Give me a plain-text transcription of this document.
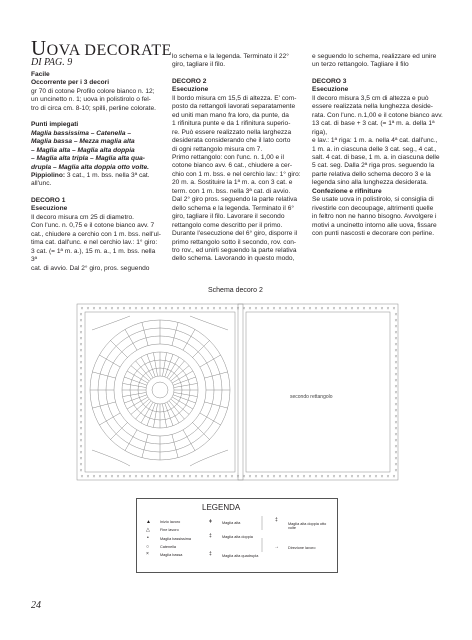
UOVA DECORATE
DI PAG. 9

Facile

Occorrente per i 3 decori

gr 70 di cotone Profilo colore bianco n. 12;

un uncinetto n. 1; uova in polistirolo o fel-

tro di circa cm. 8-10; spilli, perline colorate.

Punti impiegati

Maglia bassissima – Catenella –

Maglia bassa – Mezza maglia alta

– Maglia alta – Maglia alta doppia

– Maglia alta tripla – Maglia alta qua-

drupla – Maglia alta doppia otto volte.

Pippiolino: 3 cat., 1 m. bss. nella 3ª cat.

all'unc.

DECORO 1

Esecuzione

Il decoro misura cm 25 di diametro.

Con l'unc. n. 0,75 e il cotone bianco avv. 7

cat., chiudere a cerchio con 1 m. bss. nell'ul-

tima cat. dall'unc. e nel cerchio lav.: 1° giro:

3 cat. (= 1ª m. a.), 15 m. a., 1 m. bss. nella 3ª

cat. di avvio. Dal 2° giro, pros. seguendo

lo schema e la legenda. Terminato il 22°

giro, tagliare il filo.

DECORO 2

Esecuzione

Il bordo misura cm 15,5 di altezza. E' com-

posto da rettangoli lavorati separatamente

ed uniti man mano fra loro, da punte, da

1 rifinitura punte e da 1 rifinitura superio-

re. Può essere realizzato nella larghezza

desiderata considerando che il lato corto

di ogni rettangolo misura cm 7.

Primo rettangolo: con l'unc. n. 1,00 e il

cotone bianco avv. 6 cat., chiudere a cer-

chio con 1 m. bss. e nel cerchio lav.: 1° giro:

20 m. a. Sostituire la 1ª m. a. con 3 cat. e

term. con 1 m. bss. nella 3ª cat. di avvio.

Dal 2° giro pros. seguendo la parte relativa

dello schema e la legenda. Terminato il 6°

giro, tagliare il filo. Lavorare il secondo

rettangolo come descritto per il primo.

Durante l'esecuzione del 6° giro, disporre il

primo rettangolo sotto il secondo, rov. con-

tro rov., ed unirli seguendo la parte relativa

dello schema. Lavorando in questo modo,

e seguendo lo schema, realizzare ed unire

un terzo rettangolo. Tagliare il filo

DECORO 3

Esecuzione

Il decoro misura 3,5 cm di altezza e può

essere realizzata nella lunghezza deside-

rata. Con l'unc. n.1,00 e il cotone bianco avv.

13 cat. di base + 3 cat. (= 1ª m. a. della 1ª riga),

e lav.: 1ª riga: 1 m. a. nella 4ª cat. dall'unc.,

1 m. a. in ciascuna delle 3 cat. seg., 4 cat.,

salt. 4 cat. di base, 1 m. a. in ciascuna delle

5 cat. seg. Dalla 2ª riga pros. seguendo la

parte relativa dello schema decoro 3 e la

legenda sino alla lunghezza desiderata.

Confezione e rifiniture

Se usate uova in polistirolo, si consiglia di

rivestirle con decoupage, altrimenti quelle

in feltro non ne hanno bisogno. Avvolgere i

motivi a uncinetto intorno alle uova, fissare

con punti nascosti e decorare con perline.

Schema decoro 2
× × × × × × × × × × × × × × × × × × × × × × × × × × × × × × × × × × × × × × × × × × × × × × × × × × × × ×
× × × × × × × × × × × × × × × × × × × × × × × × × × × × × × × × × × × × × × × × × × × × × × × × × × × × ×
×
×
×
×
×
×
×
×
×
×
×
×
×
×
×
×
×
×
×
×
×
×
×
×
×
×
×
×
×
×
×
×
×
×
×
×
×
×
×
×
×
×
×
×
×
×
×
×
×
×
×
×
×
×
secondo rettangolo
LEGENDA
▲ Inizio lavoro
△	Fine lavoro
•	Maglia bassissima
○	Catenella
×	Maglia bassa
ǂ	Maglia alta
‡	Maglia alta doppia
‡	Maglia alta quadrupla
‡
Maglia alta doppia otto volte
→ Direzione lavoro
24
